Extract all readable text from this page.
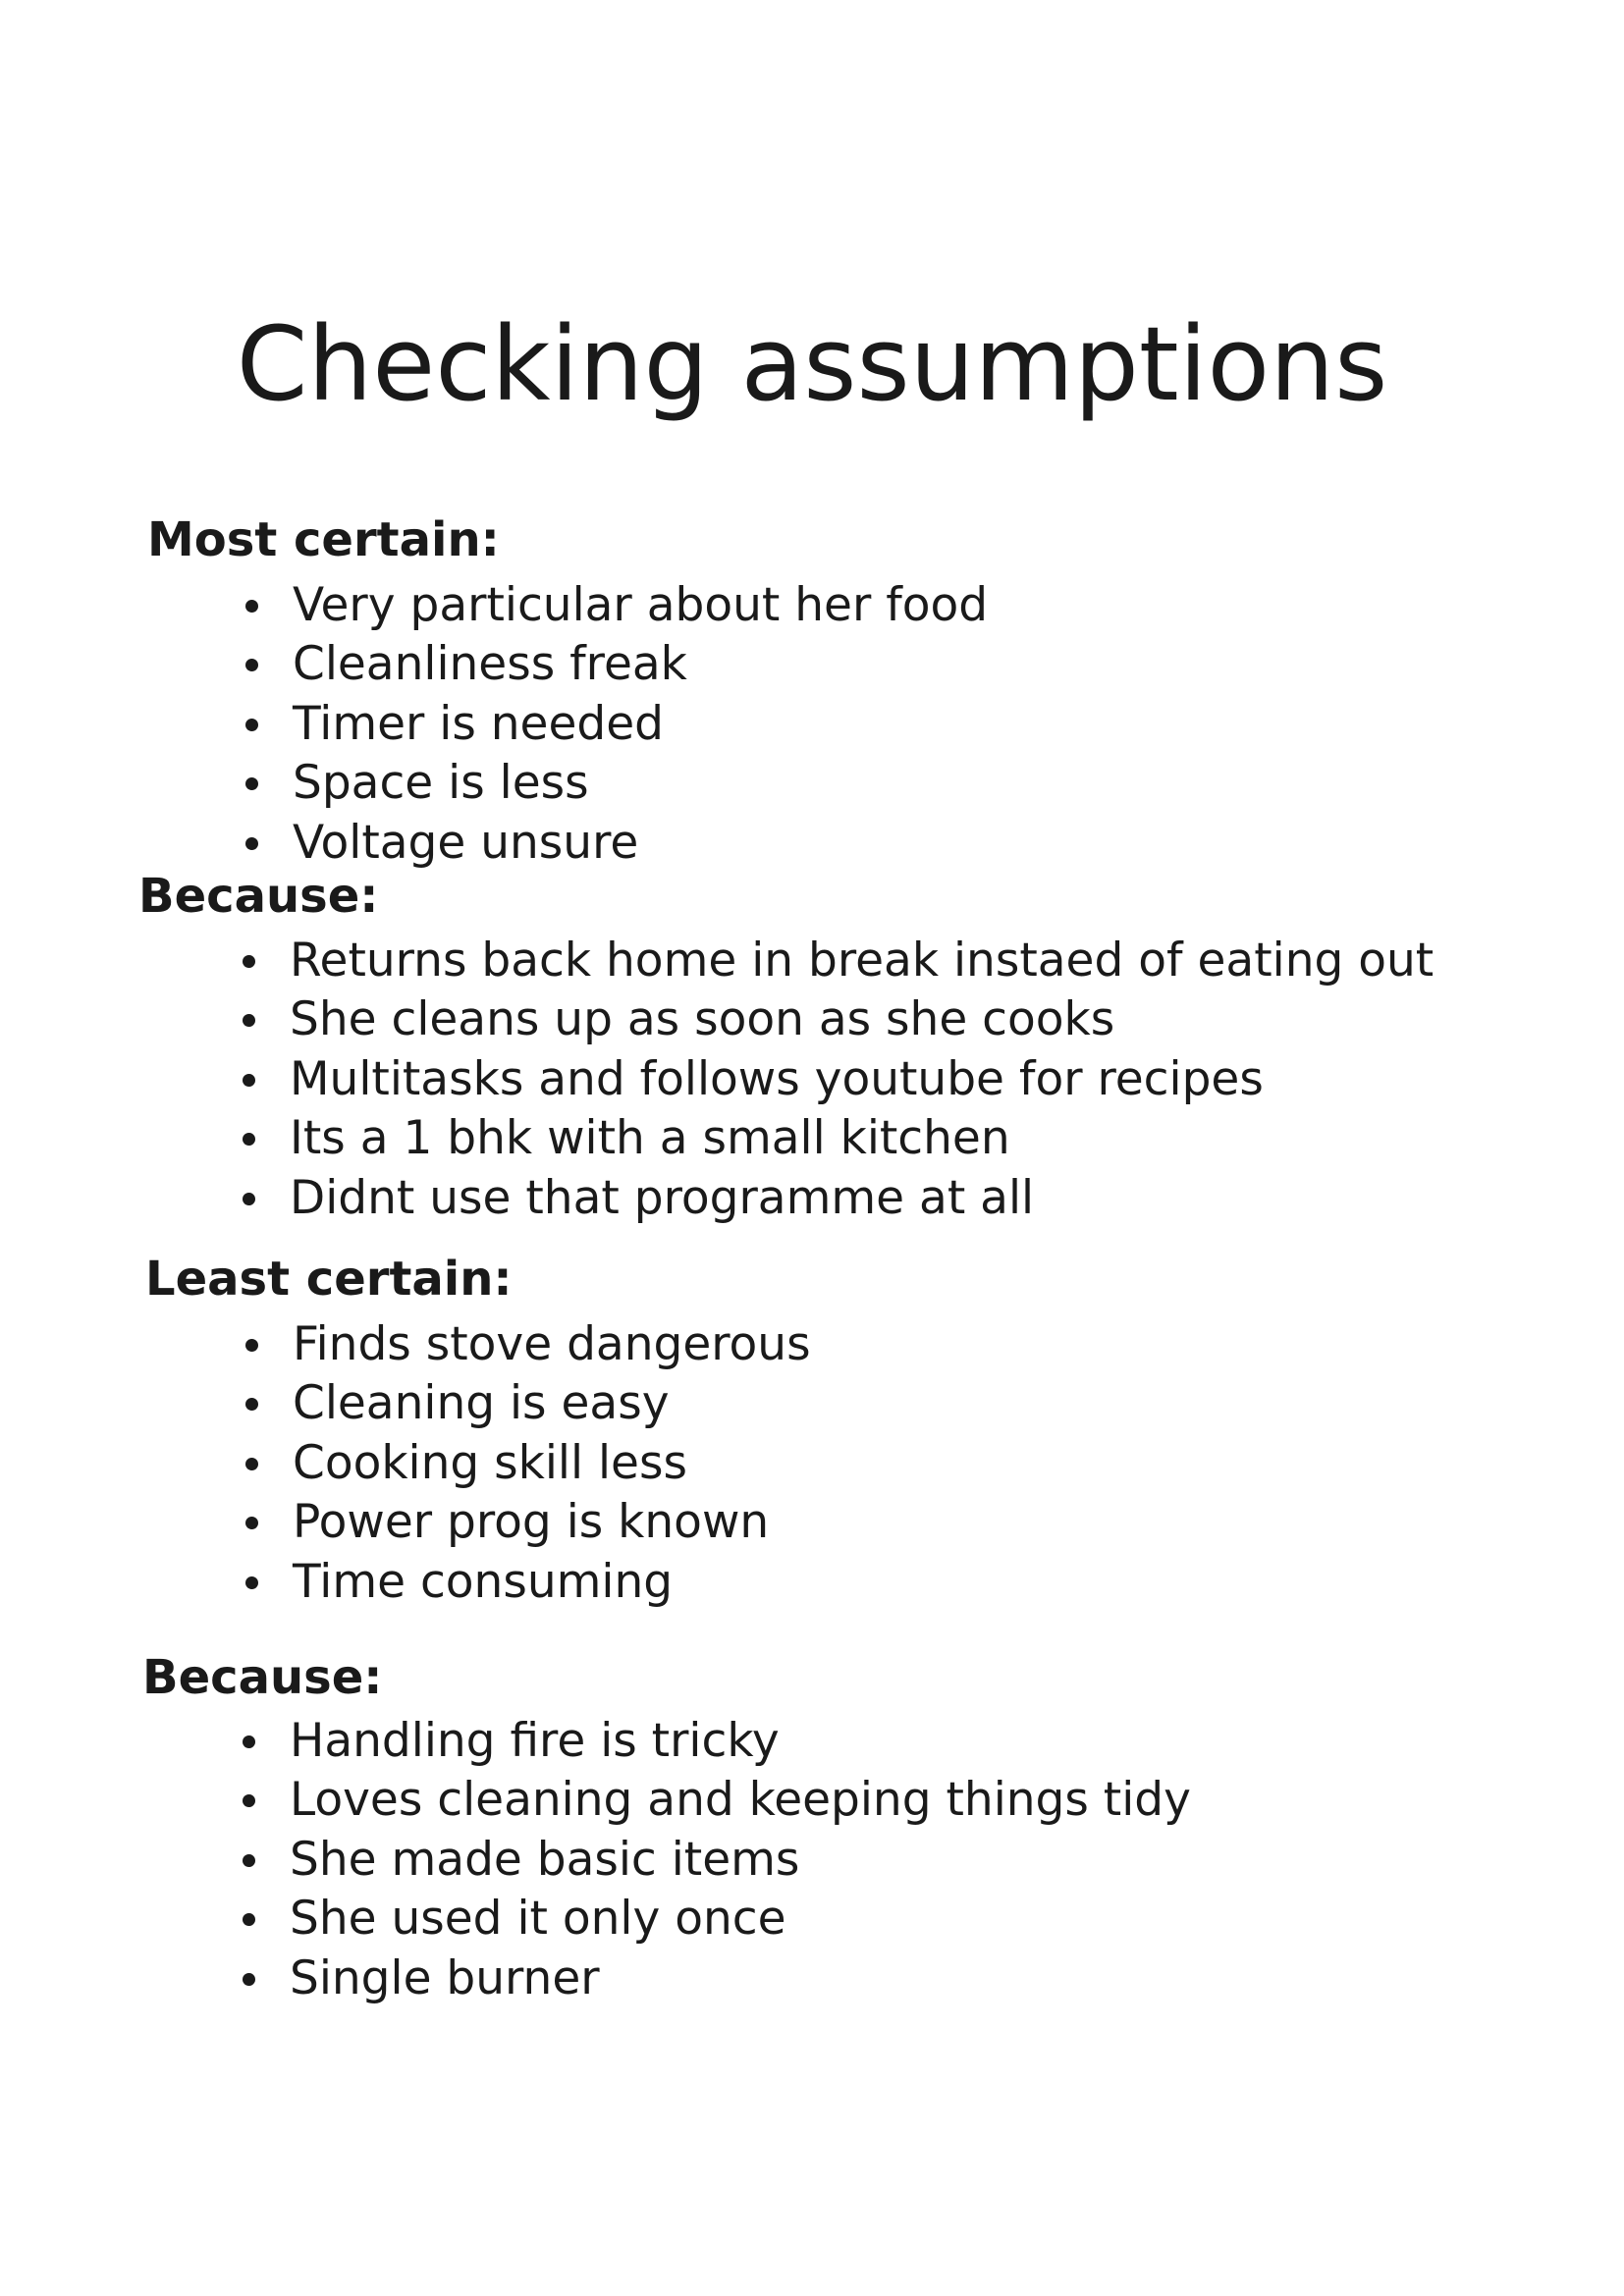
Checking assumptions
Most certain:
Very particular about her food
Cleanliness freak
Timer is needed
Space is less
Voltage unsure
Because:
Returns back home in break instaed of eating out
She cleans up as soon as she cooks
Multitasks and follows youtube for recipes
Its a 1 bhk with a small kitchen
Didnt use that programme at all
Least certain:
Finds stove dangerous
Cleaning is easy
Cooking skill less
Power prog is known
Time consuming
Because:
Handling fire is tricky
Loves cleaning and keeping things tidy
She made basic items
She used it only once
Single burner
